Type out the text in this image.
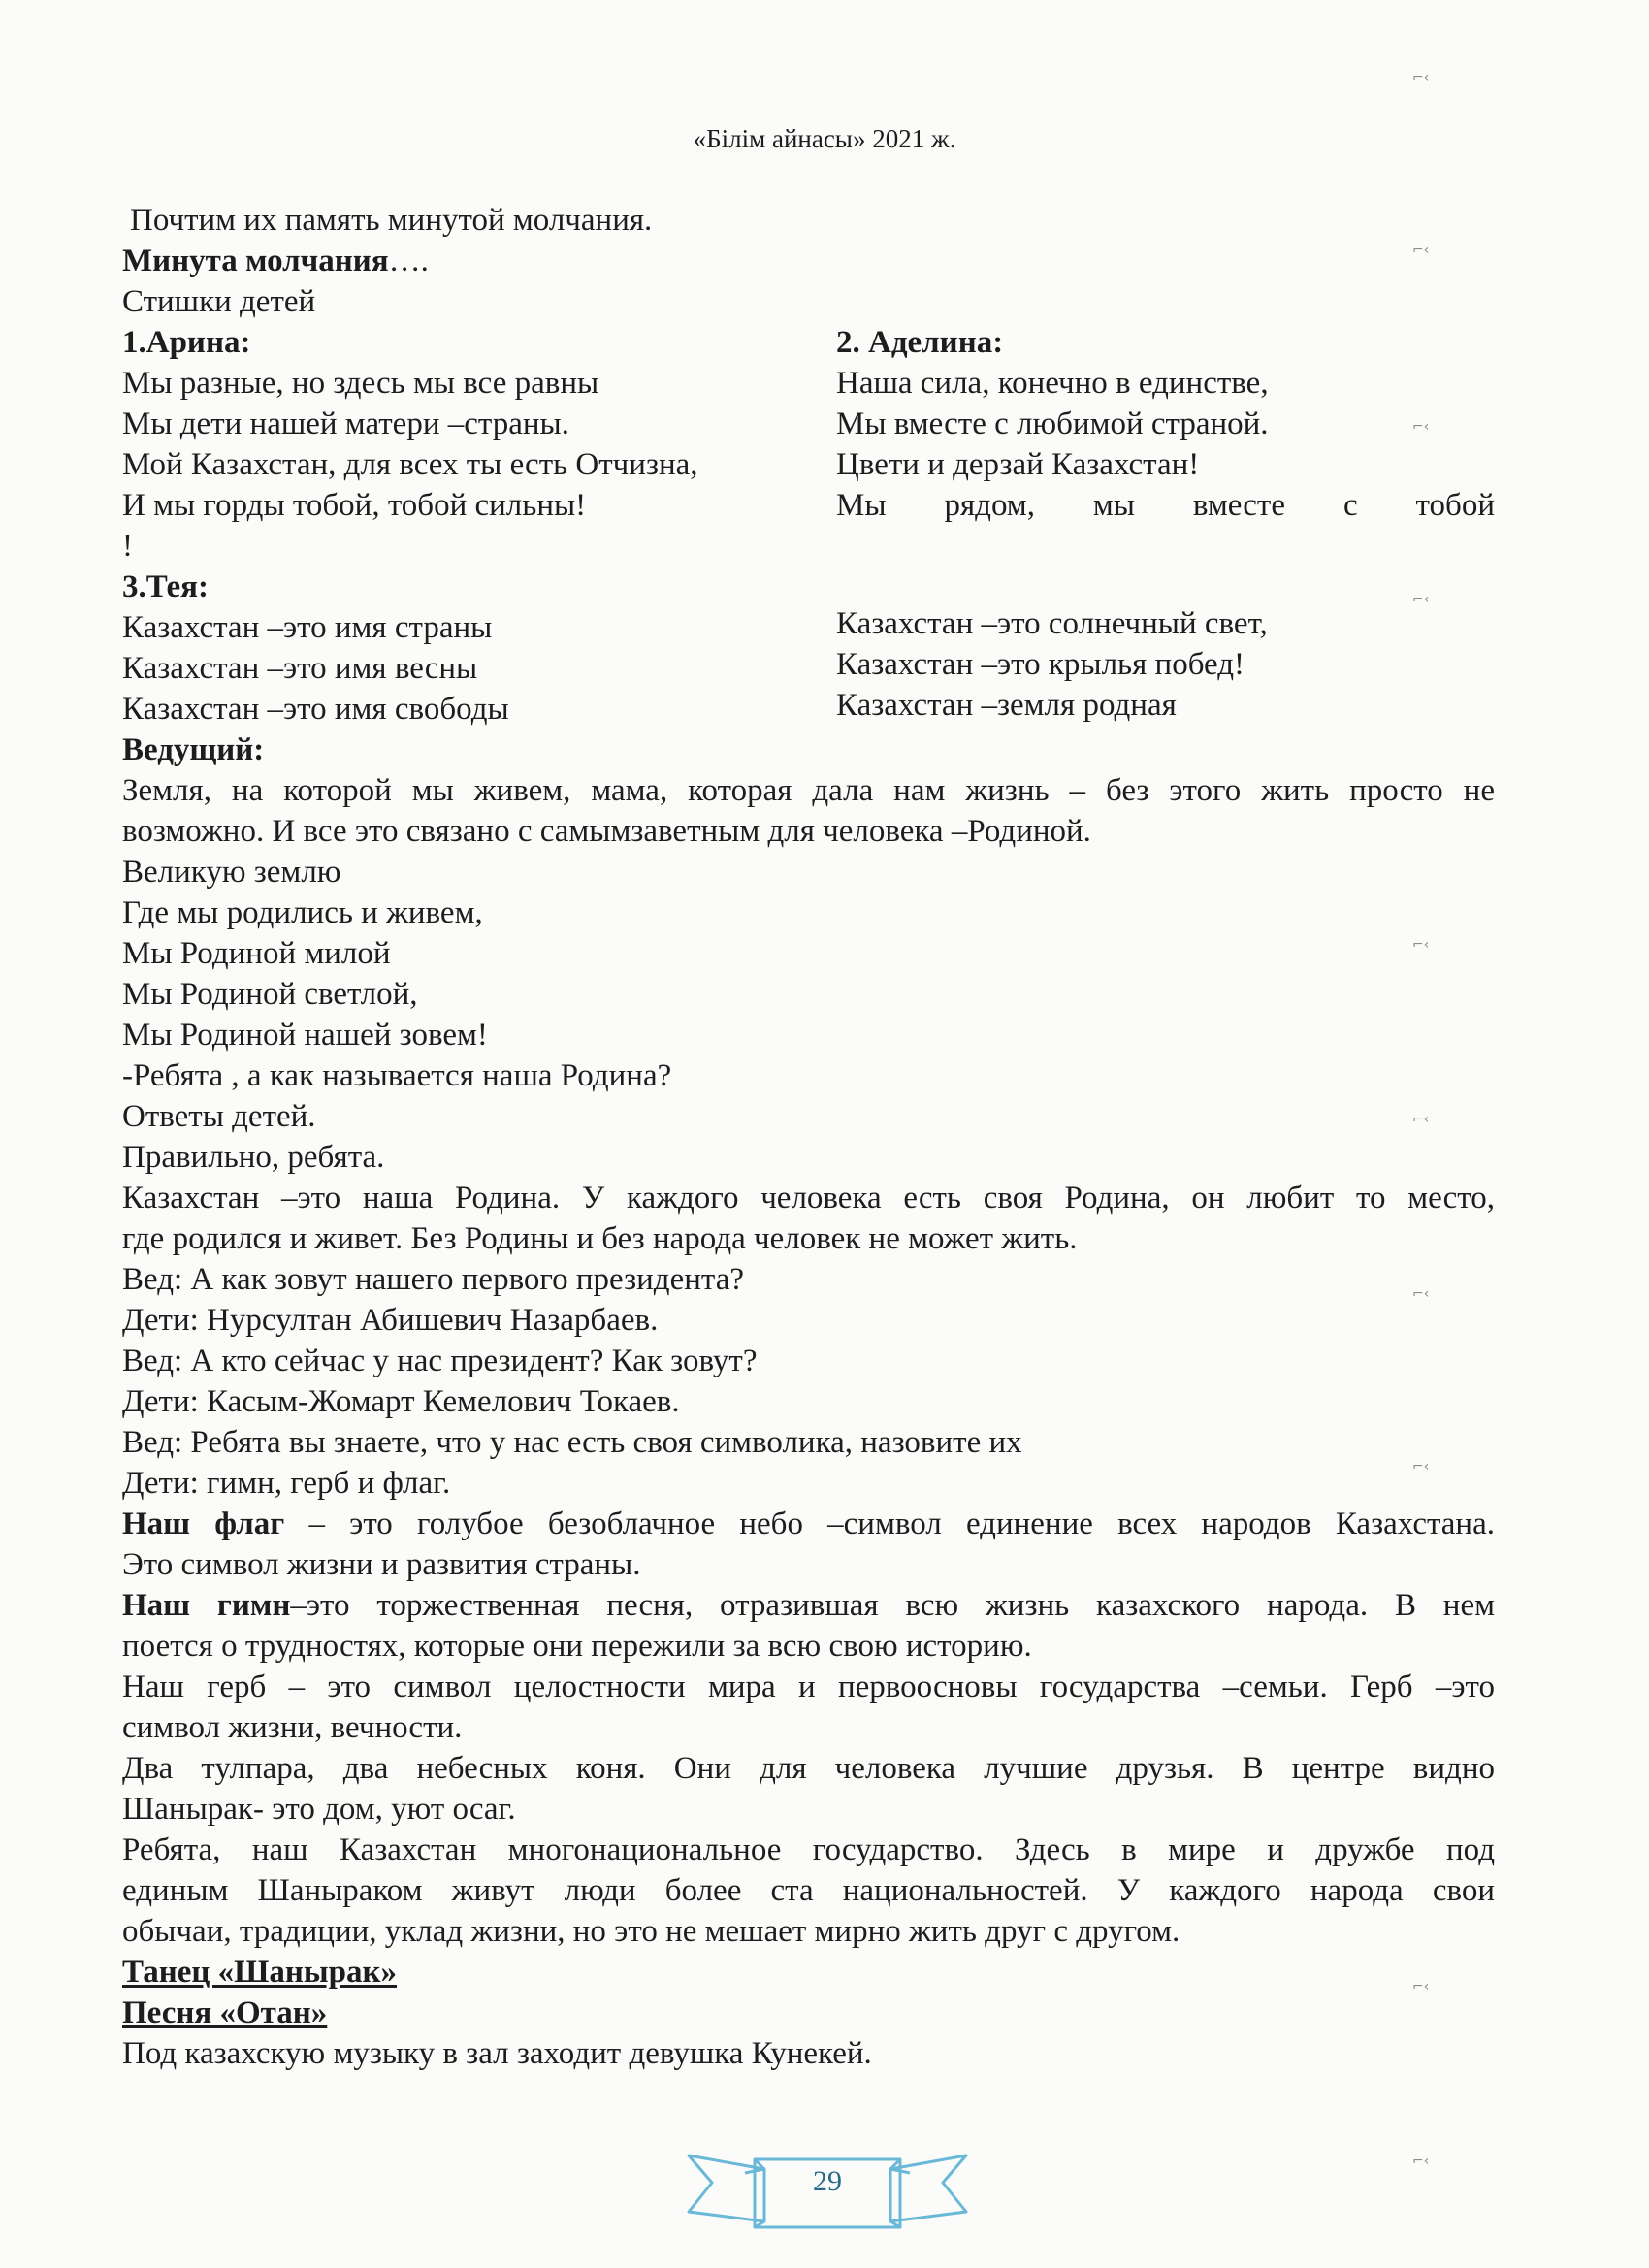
«Білім айнасы» 2021 ж.
Почтим их память минутой молчания.
Минута молчания….
Стишки детей
1.Арина:
Мы разные, но здесь мы все равны
Мы дети нашей матери –страны.
Мой Казахстан, для всех ты есть Отчизна,
И мы горды тобой, тобой сильны!
!
2. Аделина:
Наша сила, конечно в единстве,
Мы вместе с любимой страной.
Цвети и дерзай Казахстан!
Мы рядом, мы вместе с тобой
3.Тея:
Казахстан –это имя страны
Казахстан –это имя весны
Казахстан –это имя свободы
Казахстан –это солнечный свет,
Казахстан –это крылья побед!
Казахстан –земля родная
Ведущий:
Земля, на которой мы живем, мама, которая дала нам жизнь – без этого жить просто не
возможно. И все это связано с самымзаветным для человека –Родиной.
Великую землю
Где мы родились и живем,
Мы Родиной милой
Мы Родиной светлой,
Мы Родиной нашей зовем!
-Ребята , а как называется наша Родина?
Ответы детей.
Правильно, ребята.
Казахстан –это наша Родина. У каждого человека есть своя Родина, он любит то место,
где родился и живет. Без Родины и без народа человек не может жить.
Вед: А как зовут нашего первого президента?
Дети: Нурсултан Абишевич Назарбаев.
Вед: А кто сейчас у нас президент? Как зовут?
Дети: Касым-Жомарт Кемелович Токаев.
Вед: Ребята вы знаете, что у нас есть своя символика, назовите их
Дети: гимн, герб и флаг.
Наш флаг – это голубое безоблачное небо –символ единение всех народов Казахстана.
Это символ жизни и развития страны.
Наш гимн–это торжественная песня, отразившая всю жизнь казахского народа. В нем
поется о трудностях, которые они пережили за всю свою историю.
Наш герб – это символ целостности мира и первоосновы государства –семьи. Герб –это
символ жизни, вечности.
Два тулпара, два небесных коня. Они для человека лучшие друзья. В центре видно
Шанырак- это дом, уют осаг.
Ребята, наш Казахстан многонациональное государство. Здесь в мире и дружбе под
единым Шаныраком живут люди более ста национальностей. У каждого народа свои
обычаи, традиции, уклад жизни, но это не мешает мирно жить друг с другом.
Танец «Шанырак»
Песня «Отан»
Под казахскую музыку в зал заходит девушка Кунекей.
29
⌐‹
⌐‹
⌐‹
⌐‹
⌐‹
⌐‹
⌐‹
⌐‹
⌐‹
⌐‹
